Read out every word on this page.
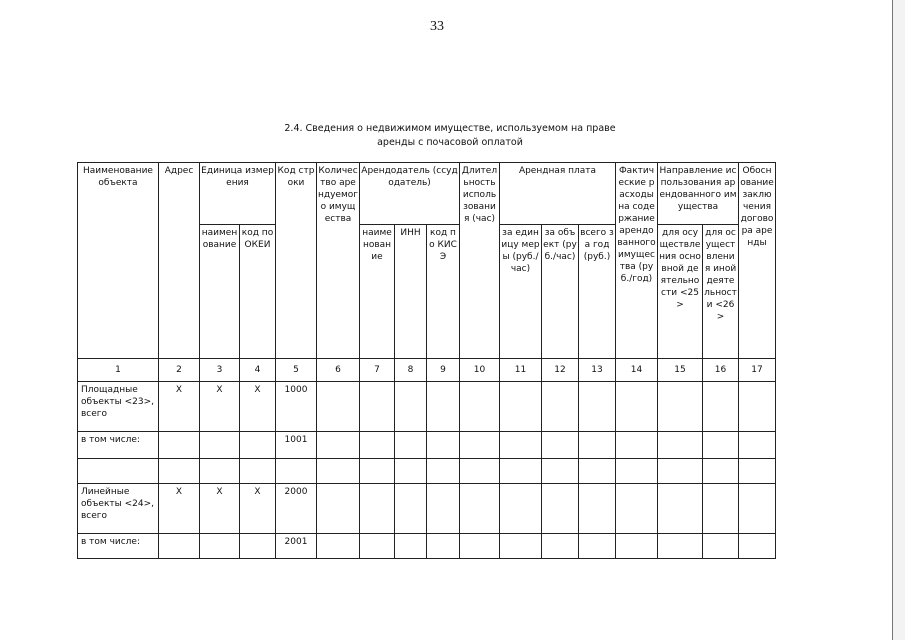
33
2.4. Сведения о недвижимом имуществе, используемом на праве
аренды с почасовой оплатой
Наименование объекта	Адрес	Единица измерения		Код строки	Количество арендуемого имущества	Арендодатель (ссудодатель)			Длительность использования (час)	Арендная плата			Фактические расходы на содержание арендованного имущества (руб./год)	Направление использования арендованного имущества		Обоснование заключения договора аренды
		наименование	код по ОКЕИ			наименование	ИНН	код по КИСЭ		за единицу меры (руб./час)	за объект (руб./час)	всего за год (руб.)		для осуществления основной деятельности <25>	для осуществления иной деятельности <26>	
1	2	3	4	5	6	7	8	9	10	11	12	13	14	15	16	17
Площадные объекты <23>, всего	X	X	X	1000												
в том числе:				1001												

Линейные объекты <24>, всего	X	X	X	2000												
в том числе:				2001												
